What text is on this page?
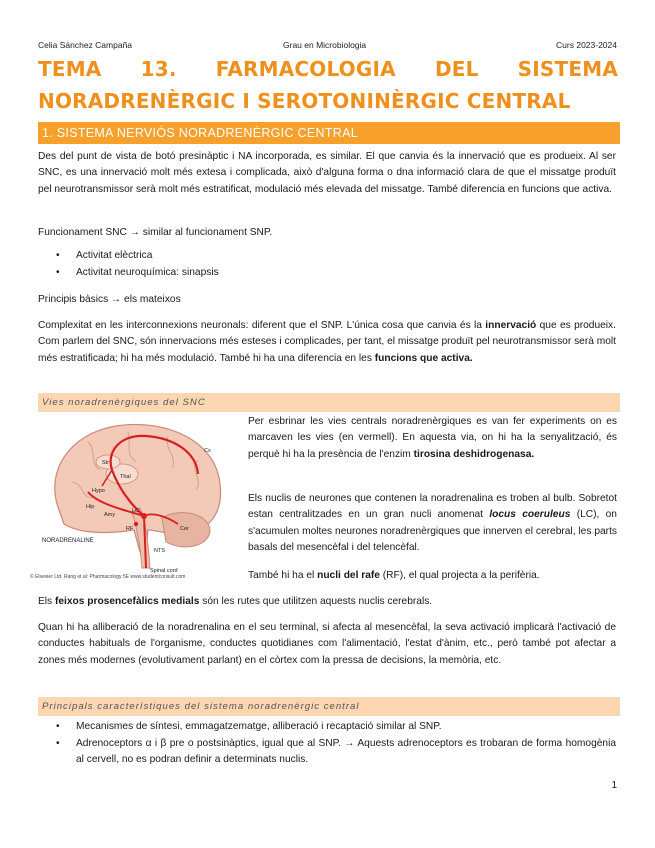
Celia Sánchez Campaña	Grau en Microbiologia	Curs 2023-2024
TEMA 13. FARMACOLOGIA DEL SISTEMA
NORADRENÈRGIC I SEROTONINÈRGIC CENTRAL
1. SISTEMA NERVIÓS NORADRENÈRGIC CENTRAL
Des del punt de vista de botó presinàptic i NA incorporada, es similar. El que canvia és la innervació que es produeix. Al ser SNC, es una innervació molt més extesa i complicada, això d'alguna forma o dna informació clara de que el missatge produït pel neurotransmissor serà molt més estratificat, modulació més elevada del missatge. També diferencia en funcions que activa.
Funcionament SNC → similar al funcionament SNP.
• Activitat elèctrica
• Activitat neuroquímica: sinapsis
Principis bàsics → els mateixos
Complexitat en les interconnexions neuronals: diferent que el SNP. L'única cosa que canvia és la innervació que es produeix. Com parlem del SNC, són innervacions més esteses i complicades, per tant, el missatge produït pel neurotransmissor serà molt més estratificada; hi ha més modulació. També hi ha una diferencia en les funcions que activa.
Vies noradrenèrgiques del SNC
Str
Thal
Hypo
Hip
Amy
LC
RF	Cer
NTS
Spinal cord
Cx
NORADRENALINE
© Elsevier Ltd. Rang et al: Pharmacology 5E www.studentconsult.com
Per esbrinar les vies centrals noradrenèrgiques es van fer experiments on es marcaven les vies (en vermell). En aquesta via, on hi ha la senyalització, és perquè hi ha la presència de l'enzim tirosina deshidrogenasa.
Els nuclis de neurones que contenen la noradrenalina es troben al bulb. Sobretot estan centralitzades en un gran nucli anomenat locus coeruleus (LC), on s'acumulen moltes neurones noradrenèrgiques que innerven el cerebral, les parts basals del mesencèfal i del telencèfal.
També hi ha el nucli del rafe (RF), el qual projecta a la perifèria.
Els feixos prosencefàlics medials són les rutes que utilitzen aquests nuclis cerebrals.
Quan hi ha alliberació de la noradrenalina en el seu terminal, si afecta al mesencèfal, la seva activació implicarà l'activació de conductes habituals de l'organisme, conductes quotidianes com l'alimentació, l'estat d'ànim, etc., però també pot afectar a zones més modernes (evolutivament parlant) en el còrtex com la pressa de decisions, la memòria, etc.
Principals característiques del sistema noradrenèrgic central
• Mecanismes de síntesi, emmagatzematge, alliberació i recaptació similar al SNP.
• Adrenoceptors α i β pre o postsinàptics, igual que al SNP. → Aquests adrenoceptors es trobaran de forma homogènia al cervell, no es podran definir a determinats nuclis.
1
